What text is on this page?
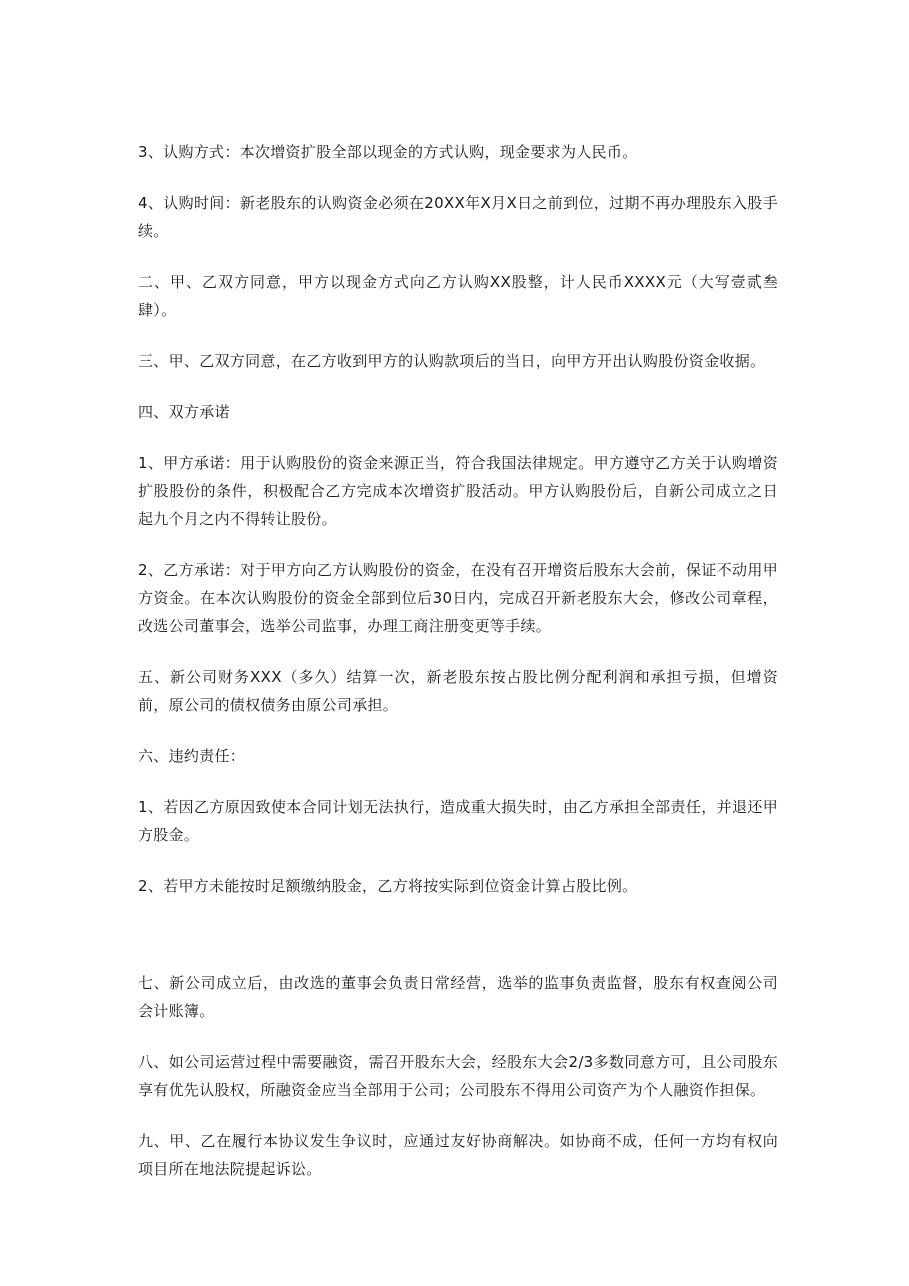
3、认购方式：本次增资扩股全部以现金的方式认购，现金要求为人民币。

4、认购时间：新老股东的认购资金必须在20XX年X月X日之前到位，过期不再办理股东入股手续。

二、甲、乙双方同意，甲方以现金方式向乙方认购XX股整，计人民币XXXX元（大写壹贰叁肆）。

三、甲、乙双方同意，在乙方收到甲方的认购款项后的当日，向甲方开出认购股份资金收据。

四、双方承诺

1、甲方承诺：用于认购股份的资金来源正当，符合我国法律规定。甲方遵守乙方关于认购增资扩股股份的条件，积极配合乙方完成本次增资扩股活动。甲方认购股份后，自新公司成立之日起九个月之内不得转让股份。

2、乙方承诺：对于甲方向乙方认购股份的资金，在没有召开增资后股东大会前，保证不动用甲方资金。在本次认购股份的资金全部到位后30日内，完成召开新老股东大会，修改公司章程，改选公司董事会，选举公司监事，办理工商注册变更等手续。

五、新公司财务XXX（多久）结算一次，新老股东按占股比例分配利润和承担亏损，但增资前，原公司的债权债务由原公司承担。

六、违约责任：

1、若因乙方原因致使本合同计划无法执行，造成重大损失时，由乙方承担全部责任，并退还甲方股金。

2、若甲方未能按时足额缴纳股金，乙方将按实际到位资金计算占股比例。

七、新公司成立后，由改选的董事会负责日常经营，选举的监事负责监督，股东有权查阅公司会计账簿。

八、如公司运营过程中需要融资，需召开股东大会，经股东大会2/3多数同意方可，且公司股东享有优先认股权，所融资金应当全部用于公司；公司股东不得用公司资产为个人融资作担保。

九、甲、乙在履行本协议发生争议时，应通过友好协商解决。如协商不成，任何一方均有权向项目所在地法院提起诉讼。
